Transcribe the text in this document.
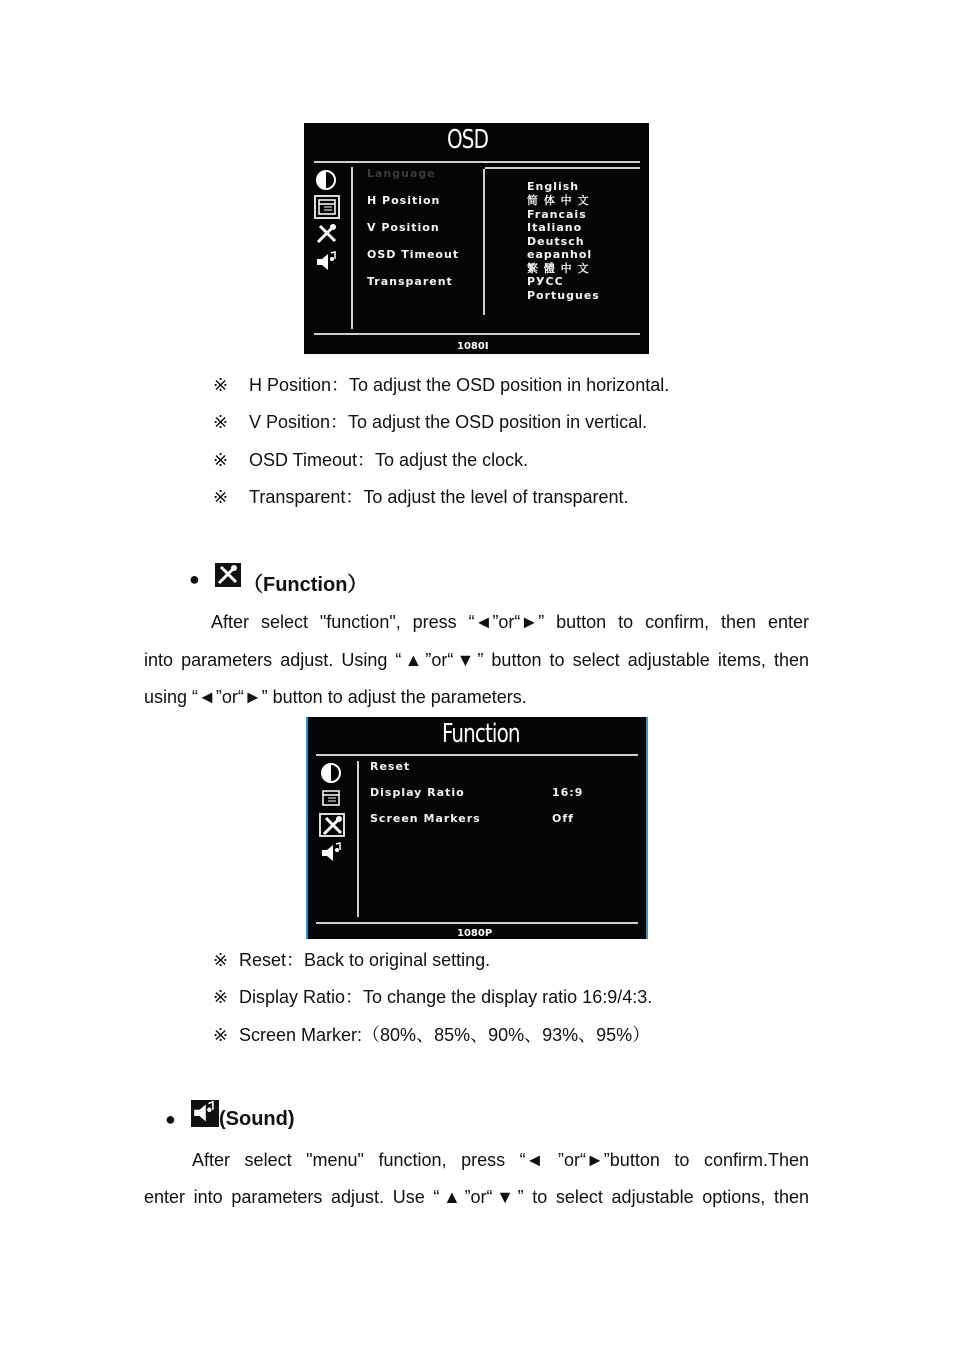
OSD
Language
H Position
V Position
OSD Timeout
Transparent
English
简 体 中 文
Francais
Italiano
Deutsch
eapanhol
繁 體 中 文
РУСС
Portugues
1080I
※ H Position：To adjust the OSD position in horizontal.
※ V Position：To adjust the OSD position in vertical.
※ OSD Timeout：To adjust the clock.
※ Transparent：To adjust the level of transparent.
● （Function）
After select "function", press “◄”or“►” button to confirm, then enter
into parameters adjust. Using “▲”or“▼” button to select adjustable items, then
using “◄”or“►” button to adjust the parameters.
Function
Reset
Display Ratio	16:9
Screen Markers	Off
1080P
※ Reset：Back to original setting.
※ Display Ratio：To change the display ratio 16:9/4:3.
※ Screen Marker:（80%、85%、90%、93%、95%）
● (Sound)
After select "menu" function, press “◄ ”or“►”button to confirm.Then
enter into parameters adjust. Use “▲”or“▼” to select adjustable options, then
